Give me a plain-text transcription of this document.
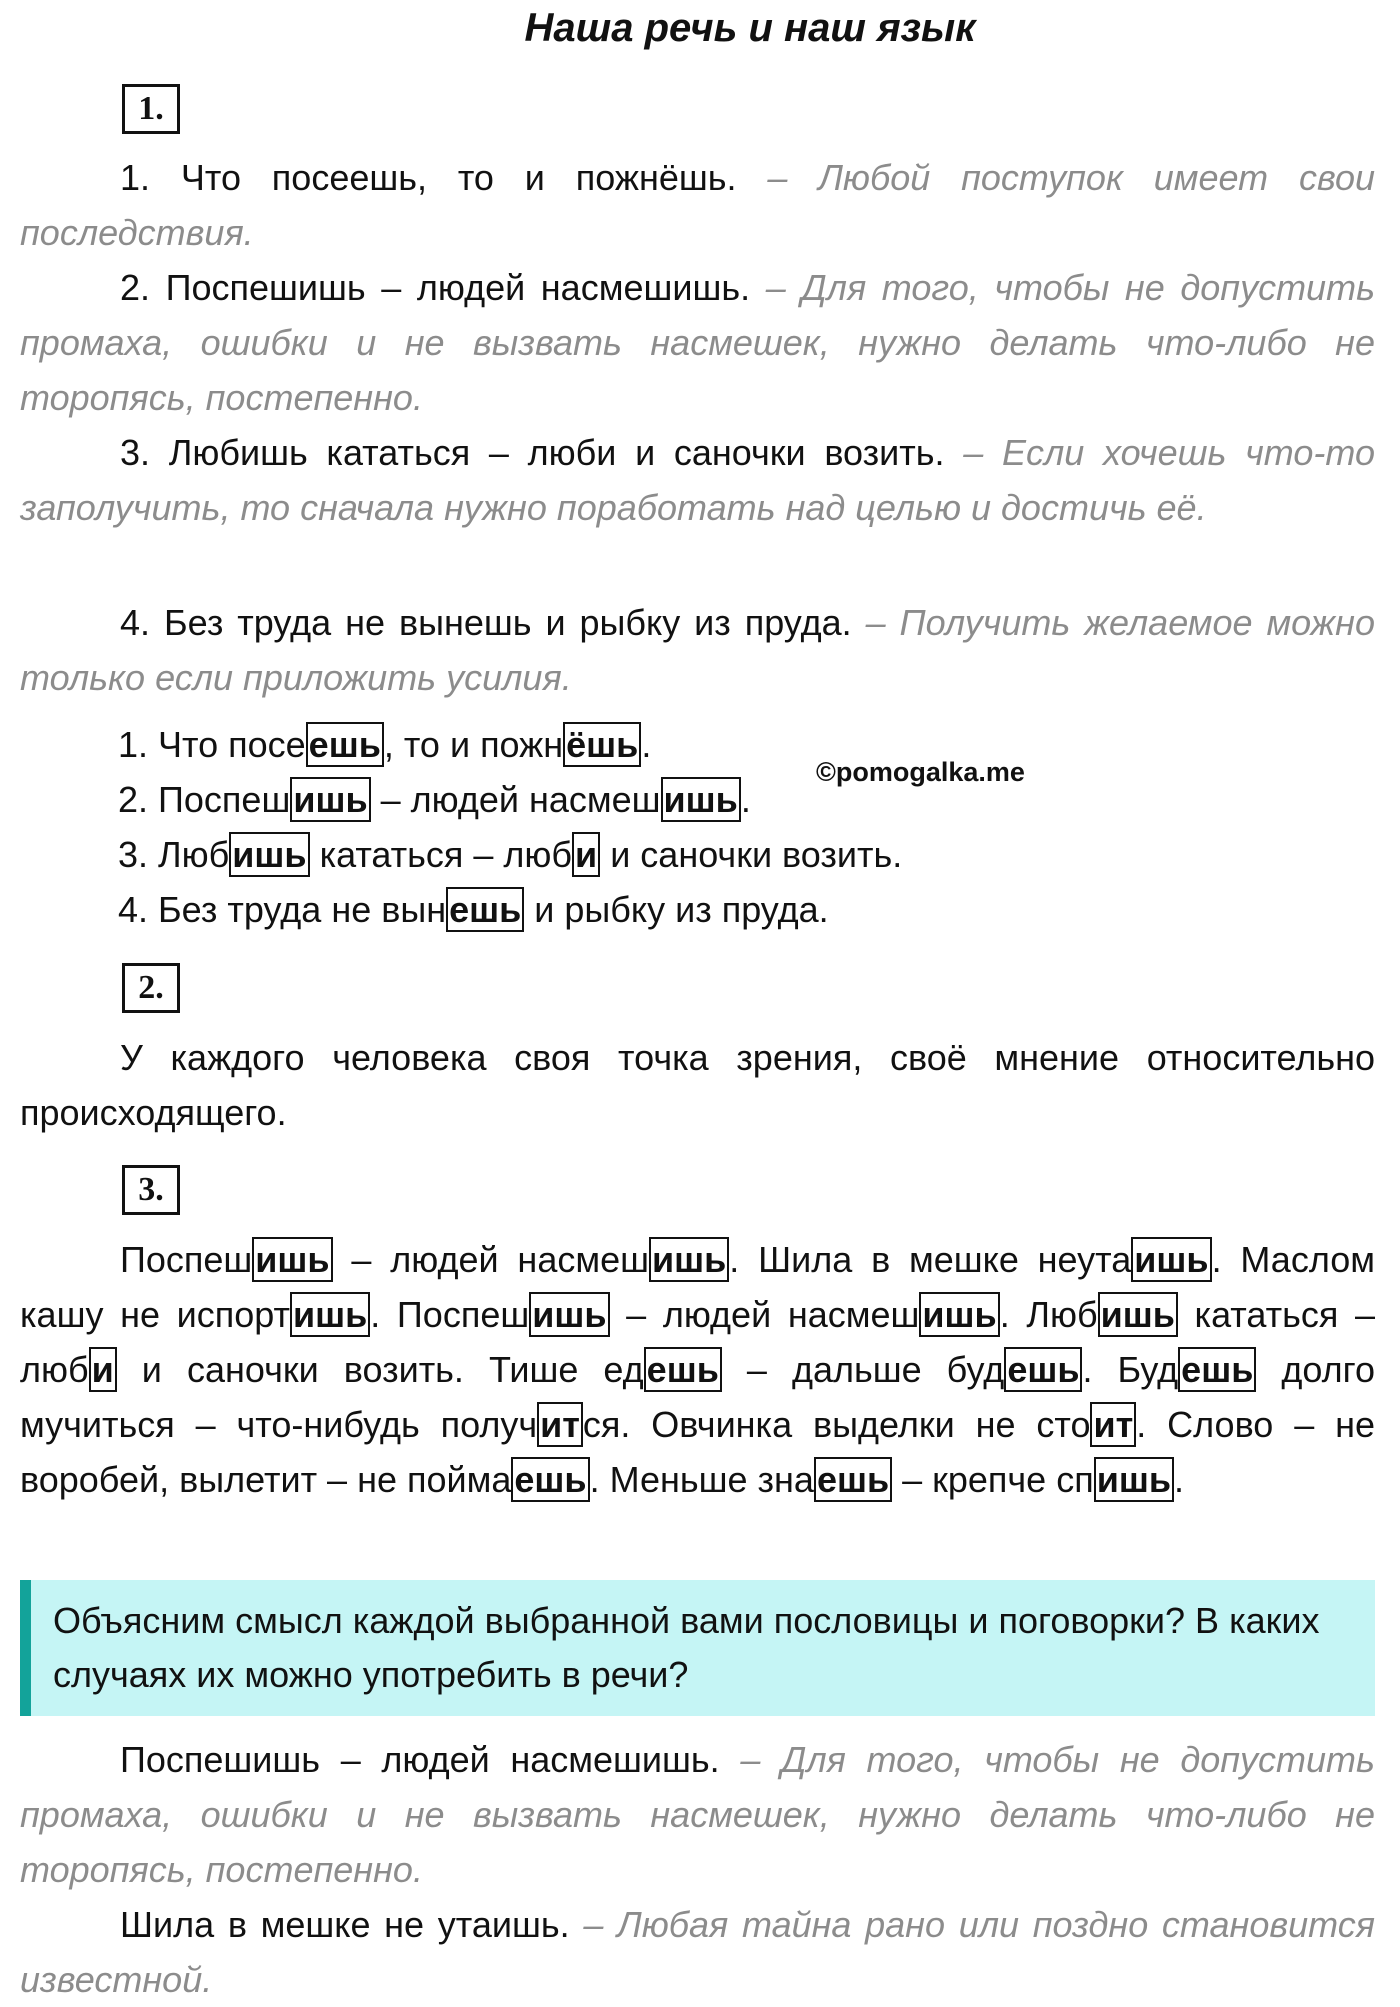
Наша речь и наш язык
1.

1. Что посеешь, то и пожнёшь. – Любой поступок имеет свои последствия.

2. Поспешишь – людей насмешишь. – Для того, чтобы не допустить промаха, ошибки и не вызвать насмешек, нужно делать что-либо не торопясь, постепенно.

3. Любишь кататься – люби и саночки возить. – Если хочешь что-то заполучить, то сначала нужно поработать над целью и достичь её.

4. Без труда не вынешь и рыбку из пруда. – Получить желаемое можно только если приложить усилия.

1. Что посеешь, то и пожнёшь.
2. Поспешишь – людей насмешишь.
3. Любишь кататься – люби и саночки возить.
4. Без труда не вынешь и рыбку из пруда.
©pomogalka.me
2.

У каждого человека своя точка зрения, своё мнение относительно происходящего.

3.

Поспешишь – людей насмешишь. Шила в мешке неутаишь. Маслом кашу не испортишь. Поспешишь – людей насмешишь. Любишь кататься – люби и саночки возить. Тише едешь – дальше будешь. Будешь долго мучиться – что-нибудь получится. Овчинка выделки не стоит. Слово – не воробей, вылетит – не поймаешь. Меньше знаешь – крепче спишь.

Объясним смысл каждой выбранной вами пословицы и поговорки? В каких случаях их можно употребить в речи?

Поспешишь – людей насмешишь. – Для того, чтобы не допустить промаха, ошибки и не вызвать насмешек, нужно делать что-либо не торопясь, постепенно.

Шила в мешке не утаишь. – Любая тайна рано или поздно становится известной.
